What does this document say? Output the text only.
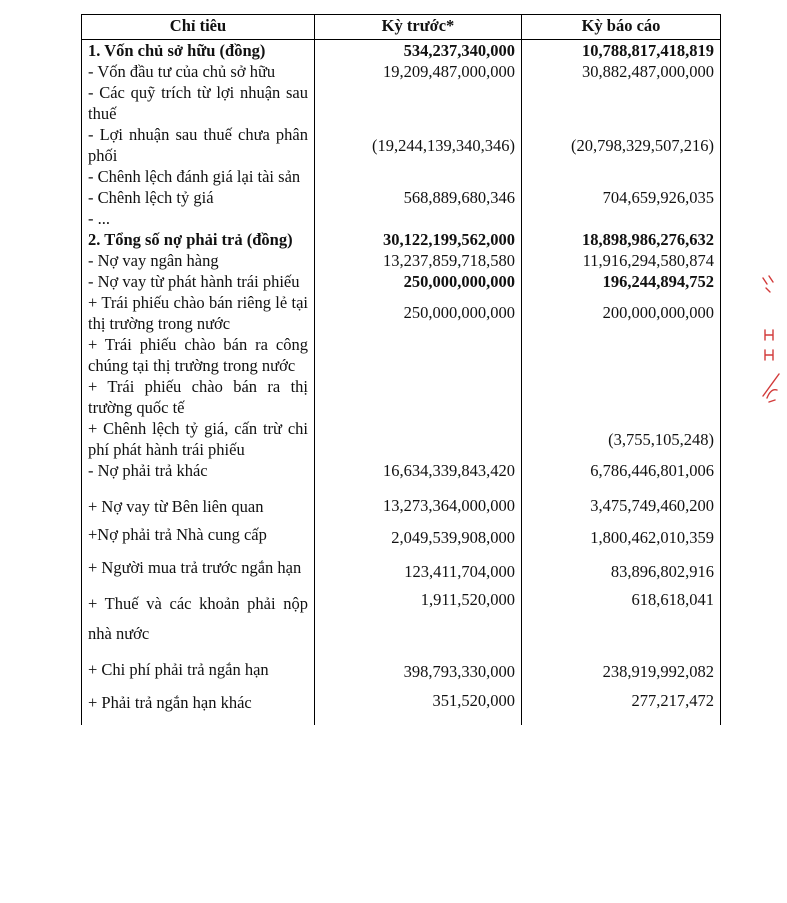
Chỉ tiêu	Kỳ trước*	Kỳ báo cáo
1. Vốn chủ sở hữu (đồng)	534,237,340,000	10,788,817,418,819
- Vốn đầu tư của chủ sở hữu	19,209,487,000,000	30,882,487,000,000
- Các quỹ trích từ lợi nhuận sau thuế		
- Lợi nhuận sau thuế chưa phân phối	(19,244,139,340,346)	(20,798,329,507,216)
- Chênh lệch đánh giá lại tài sản		
- Chênh lệch tỷ giá	568,889,680,346	704,659,926,035
- ...		
2. Tổng số nợ phải trả (đồng)	30,122,199,562,000	18,898,986,276,632
- Nợ vay ngân hàng	13,237,859,718,580	11,916,294,580,874
- Nợ vay từ phát hành trái phiếu	250,000,000,000	196,244,894,752
+ Trái phiếu chào bán riêng lẻ tại thị trường trong nước	250,000,000,000	200,000,000,000
+ Trái phiếu chào bán ra công chúng tại thị trường trong nước		
+ Trái phiếu chào bán ra thị trường quốc tế		
+ Chênh lệch tỷ giá, cấn trừ chi phí phát hành trái phiếu		(3,755,105,248)
- Nợ phải trả khác	16,634,339,843,420	6,786,446,801,006
+ Nợ vay từ Bên liên quan	13,273,364,000,000	3,475,749,460,200
+Nợ phải trả Nhà cung cấp	2,049,539,908,000	1,800,462,010,359
+ Người mua trả trước ngắn hạn	123,411,704,000	83,896,802,916
+ Thuế và các khoản phải nộp nhà nước	1,911,520,000	618,618,041
+ Chi phí phải trả ngắn hạn	398,793,330,000	238,919,992,082
+ Phải trả ngắn hạn khác	351,520,000	277,217,472
